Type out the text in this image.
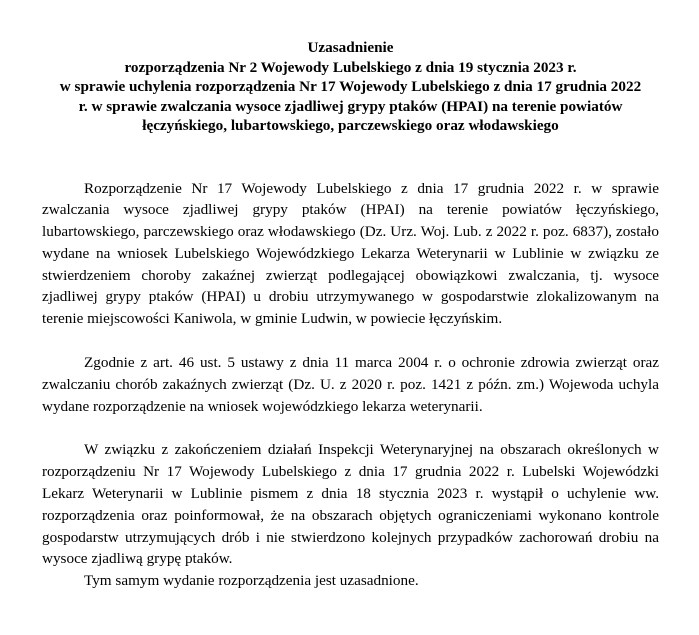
Uzasadnienie
rozporządzenia Nr 2 Wojewody Lubelskiego z dnia 19 stycznia 2023 r.
w sprawie uchylenia rozporządzenia Nr 17 Wojewody Lubelskiego z dnia 17 grudnia 2022
r. w sprawie zwalczania wysoce zjadliwej grypy ptaków (HPAI) na terenie powiatów
łęczyńskiego, lubartowskiego, parczewskiego oraz włodawskiego

Rozporządzenie Nr 17 Wojewody Lubelskiego z dnia 17 grudnia 2022 r. w sprawie zwalczania wysoce zjadliwej grypy ptaków (HPAI) na terenie powiatów łęczyńskiego, lubartowskiego, parczewskiego oraz włodawskiego (Dz. Urz. Woj. Lub. z 2022 r. poz. 6837), zostało wydane na wniosek Lubelskiego Wojewódzkiego Lekarza Weterynarii w Lublinie w związku ze stwierdzeniem choroby zakaźnej zwierząt podlegającej obowiązkowi zwalczania, tj. wysoce zjadliwej grypy ptaków (HPAI) u drobiu utrzymywanego w gospodarstwie zlokalizowanym na terenie miejscowości Kaniwola, w gminie Ludwin, w powiecie łęczyńskim.

Zgodnie z art. 46 ust. 5 ustawy z dnia 11 marca 2004 r. o ochronie zdrowia zwierząt oraz zwalczaniu chorób zakaźnych zwierząt (Dz. U. z 2020 r. poz. 1421 z późn. zm.) Wojewoda uchyla wydane rozporządzenie na wniosek wojewódzkiego lekarza weterynarii.

W związku z zakończeniem działań Inspekcji Weterynaryjnej na obszarach określonych w rozporządzeniu Nr 17 Wojewody Lubelskiego z dnia 17 grudnia 2022 r. Lubelski Wojewódzki Lekarz Weterynarii w Lublinie pismem z dnia 18 stycznia 2023 r. wystąpił o uchylenie ww. rozporządzenia oraz poinformował, że na obszarach objętych ograniczeniami wykonano kontrole gospodarstw utrzymujących drób i nie stwierdzono kolejnych przypadków zachorowań drobiu na wysoce zjadliwą grypę ptaków.

Tym samym wydanie rozporządzenia jest uzasadnione.
